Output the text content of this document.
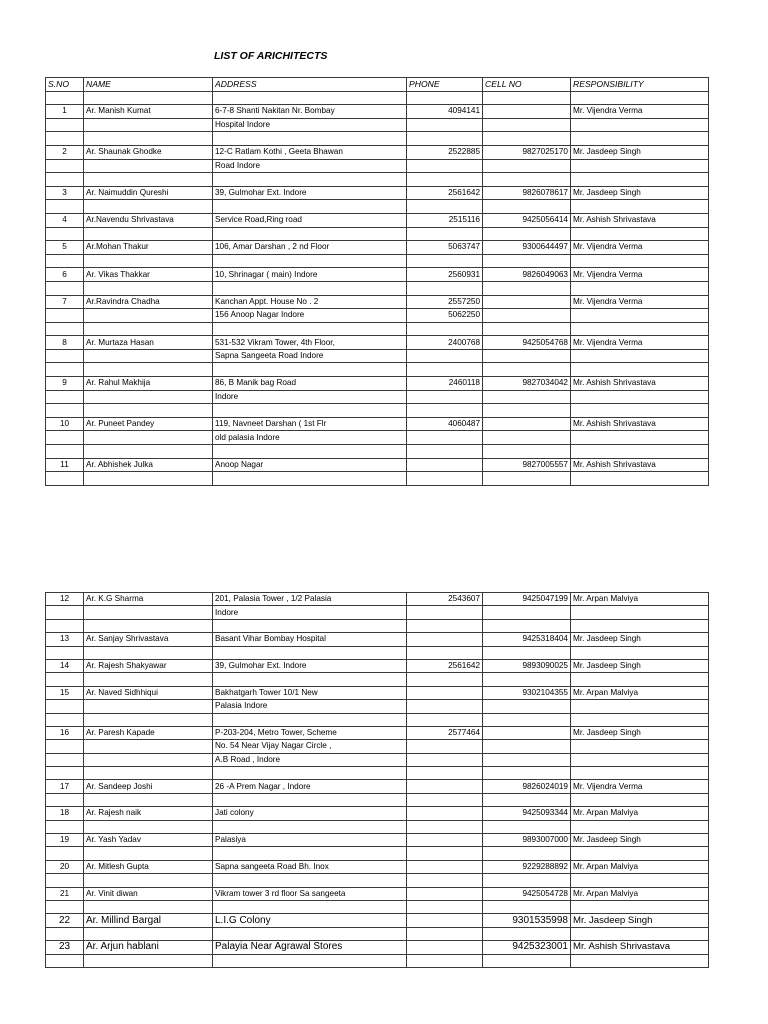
LIST OF ARICHITECTS
S.NO	NAME	ADDRESS	PHONE	CELL NO	RESPONSIBILITY

1	Ar. Manish Kumat	6-7-8 Shanti Nakitan Nr. Bombay	4094141		Mr. Vijendra Verma
		Hospital Indore			

2	Ar. Shaunak Ghodke	12-C Ratlam Kothi , Geeta Bhawan	2522885	9827025170	Mr. Jasdeep Singh
		Road Indore			

3	Ar. Naimuddin Qureshi	39, Gulmohar Ext. Indore	2561642	9826078617	Mr. Jasdeep Singh

4	Ar.Navendu Shrivastava	Service Road,Ring road	2515116	9425056414	Mr. Ashish Shrivastava

5	Ar.Mohan Thakur	106, Amar Darshan , 2 nd Floor	5063747	9300644497	Mr. Vijendra Verma

6	Ar. Vikas Thakkar	10, Shrinagar ( main) Indore	2560931	9826049063	Mr. Vijendra Verma

7	Ar.Ravindra Chadha	Kanchan Appt. House No . 2	2557250		Mr. Vijendra Verma
		156 Anoop Nagar Indore	5062250		

8	Ar. Murtaza Hasan	531-532 Vikram Tower, 4th Floor,	2400768	9425054768	Mr. Vijendra Verma
		Sapna Sangeeta Road Indore			

9	Ar. Rahul Makhija	86, B Manik bag Road	2460118	9827034042	Mr. Ashish Shrivastava
		Indore			

10	Ar. Puneet Pandey	119, Navneet Darshan ( 1st Flr	4060487		Mr. Ashish Shrivastava
		old palasia Indore			

11	Ar. Abhishek Julka	Anoop Nagar		9827005557	Mr. Ashish Shrivastava

12	Ar. K.G Sharma	201, Palasia Tower , 1/2 Palasia	2543607	9425047199	Mr. Arpan Malviya
		Indore			

13	Ar. Sanjay Shrivastava	Basant Vihar Bombay Hospital		9425318404	Mr. Jasdeep Singh

14	Ar. Rajesh Shakyawar	39, Gulmohar Ext. Indore	2561642	9893090025	Mr. Jasdeep Singh

15	Ar. Naved Sidhhiqui	Bakhatgarh Tower 10/1 New		9302104355	Mr. Arpan Malviya
		Palasia Indore			

16	Ar. Paresh Kapade	P-203-204, Metro Tower, Scheme	2577464		Mr. Jasdeep Singh
		No. 54 Near Vijay Nagar Circle ,			
		A.B Road , Indore			

17	Ar. Sandeep Joshi	26 -A Prem Nagar , Indore		9826024019	Mr. Vijendra Verma

18	Ar. Rajesh naik	Jati colony		9425093344	Mr. Arpan Malviya

19	Ar. Yash Yadav	Palasiya		9893007000	Mr. Jasdeep Singh

20	Ar. Mitlesh Gupta	Sapna sangeeta Road Bh. Inox		9229288892	Mr. Arpan Malviya

21	Ar. Vinit diwan	Vikram tower 3 rd floor Sa sangeeta		9425054728	Mr. Arpan Malviya

22	Ar. Millind Bargal	L.I.G Colony		9301535998	Mr. Jasdeep Singh

23	Ar. Arjun hablani	Palayia Near Agrawal Stores		9425323001	Mr. Ashish Shrivastava
